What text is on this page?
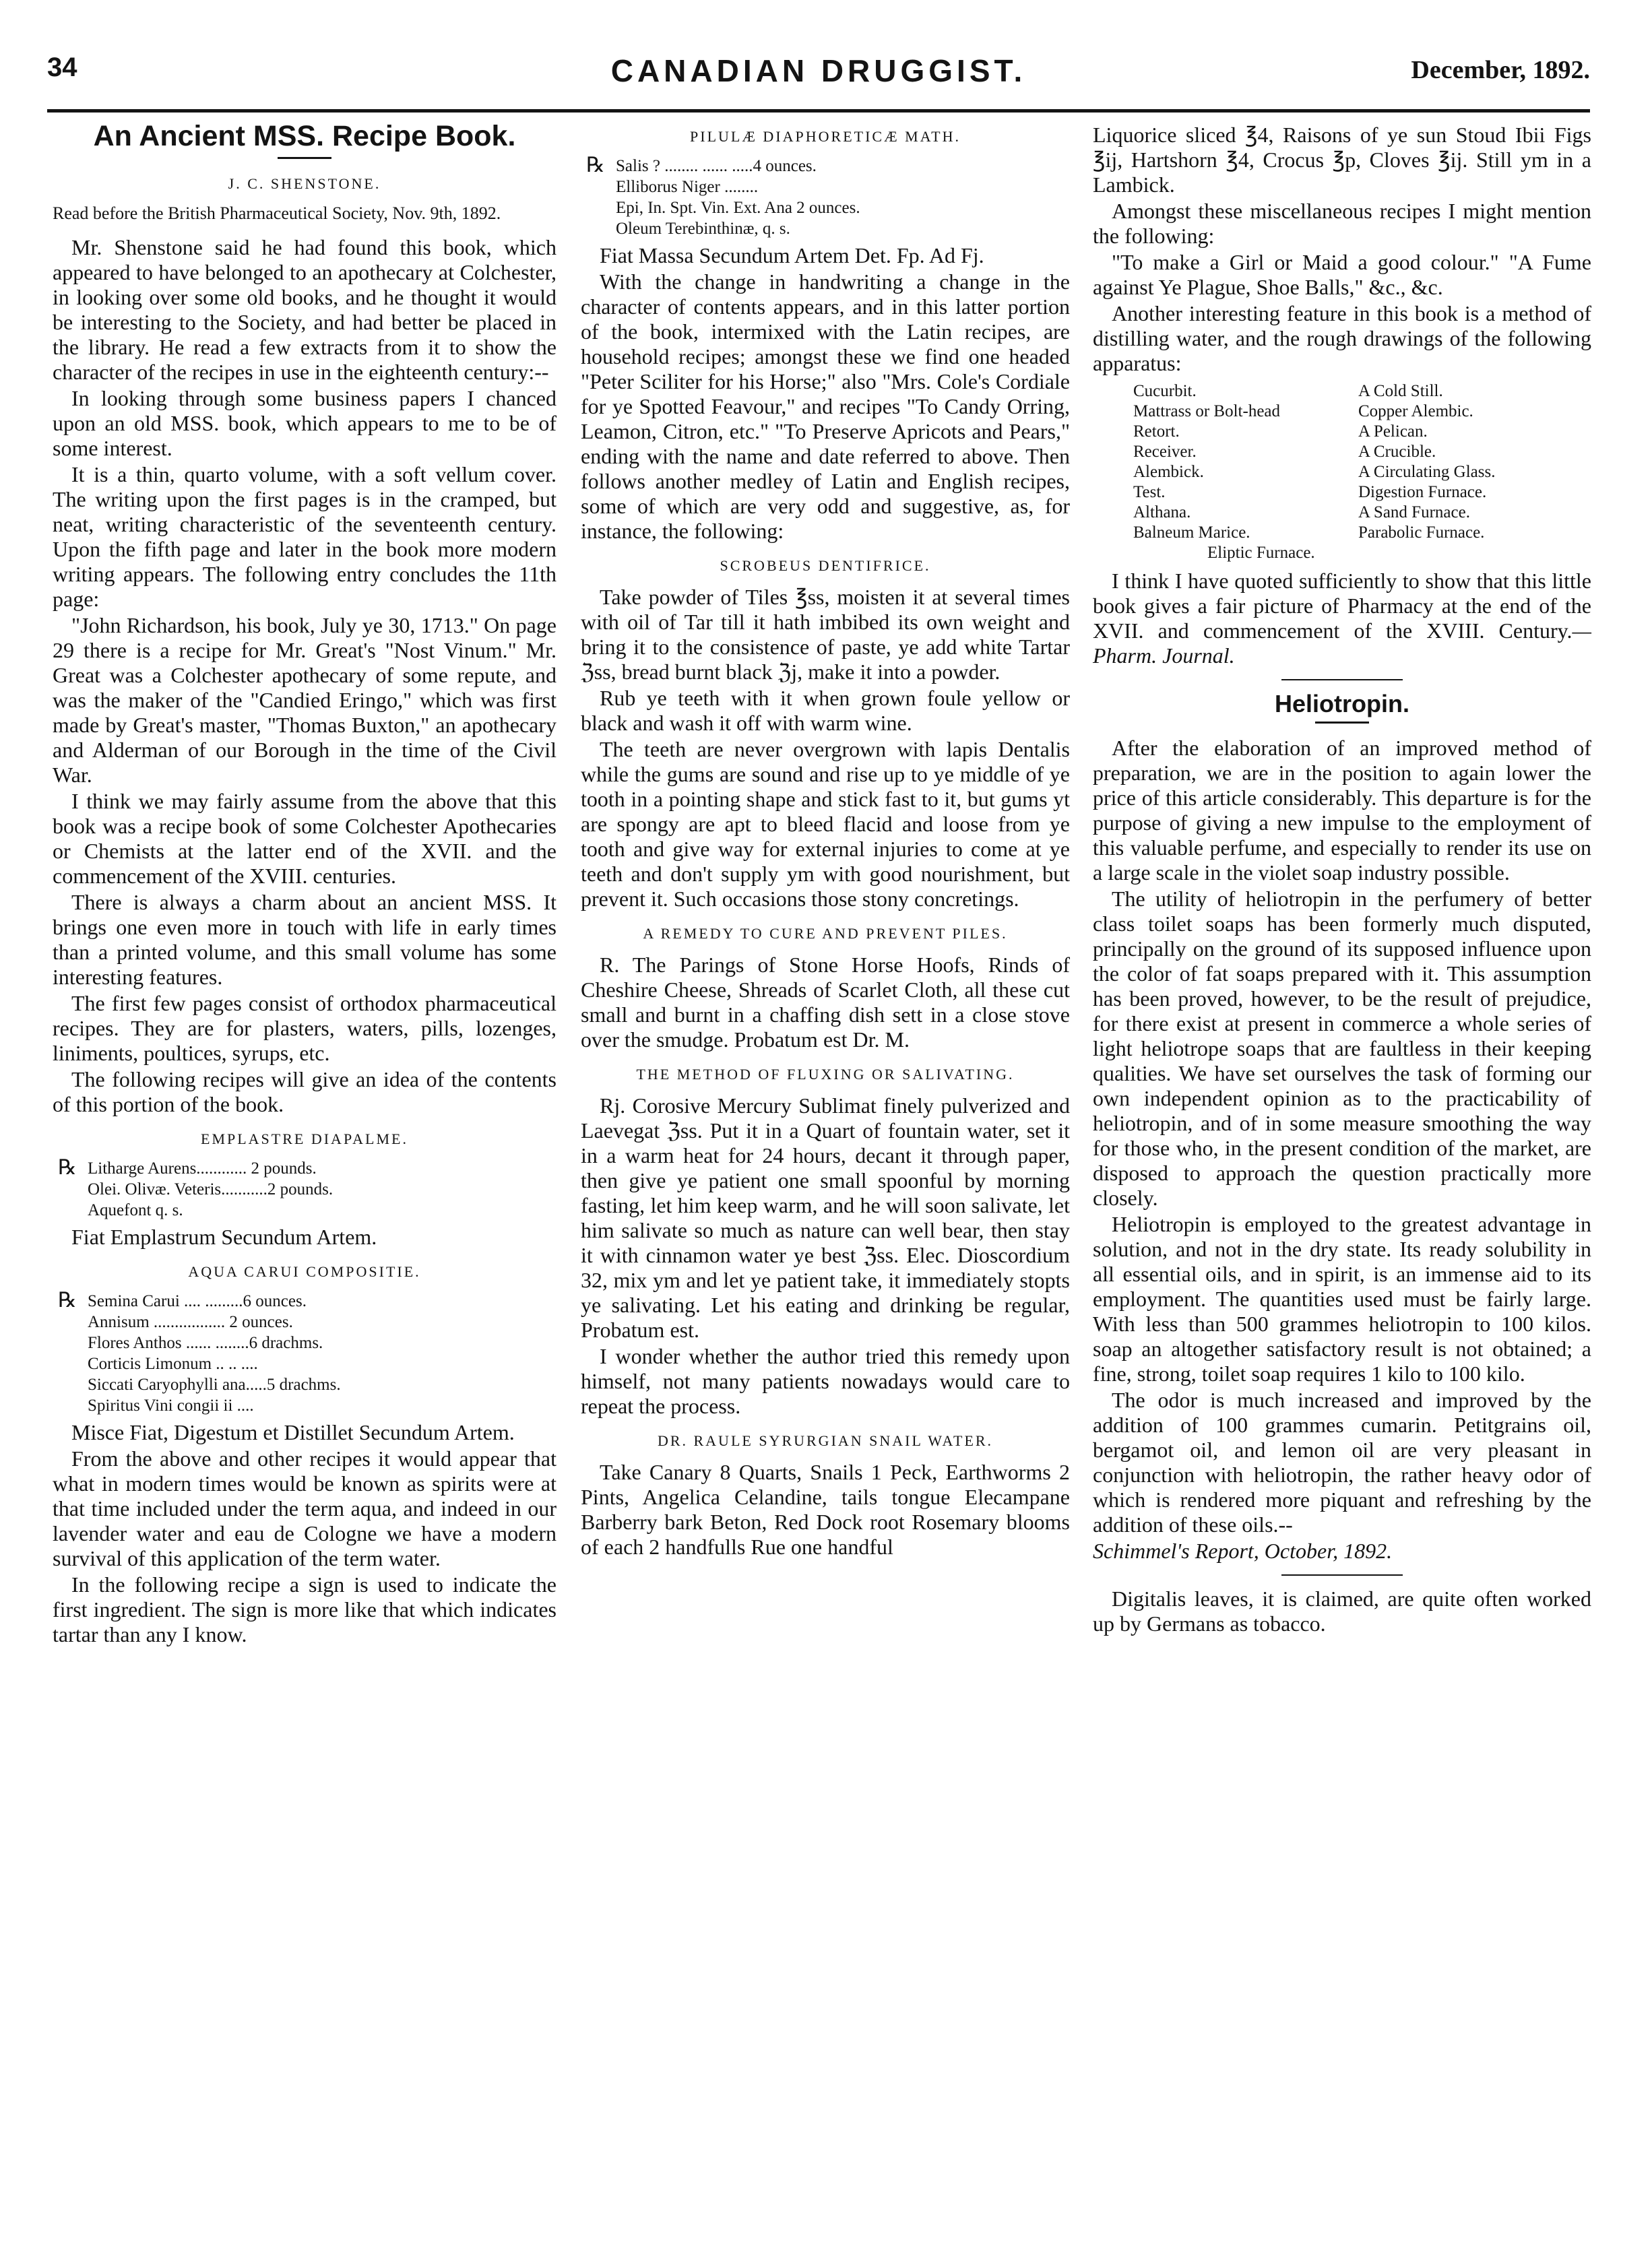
34	CANADIAN DRUGGIST.	December, 1892.
An Ancient MSS. Recipe Book.
J. C. SHENSTONE.
Read before the British Pharmaceutical Society, Nov. 9th, 1892.

Mr. Shenstone said he had found this book, which appeared to have belonged to an apothecary at Colchester, in looking over some old books, and he thought it would be interesting to the Society, and had better be placed in the library. He read a few extracts from it to show the character of the recipes in use in the eighteenth century:--

In looking through some business papers I chanced upon an old MSS. book, which appears to me to be of some interest.

It is a thin, quarto volume, with a soft vellum cover. The writing upon the first pages is in the cramped, but neat, writing characteristic of the seventeenth century. Upon the fifth page and later in the book more modern writing appears. The following entry concludes the 11th page:

"John Richardson, his book, July ye 30, 1713." On page 29 there is a recipe for Mr. Great's "Nost Vinum." Mr. Great was a Colchester apothecary of some repute, and was the maker of the "Candied Eringo," which was first made by Great's master, "Thomas Buxton," an apothecary and Alderman of our Borough in the time of the Civil War.

I think we may fairly assume from the above that this book was a recipe book of some Colchester Apothecaries or Chemists at the latter end of the XVII. and the commencement of the XVIII. centuries.

There is always a charm about an ancient MSS. It brings one even more in touch with life in early times than a printed volume, and this small volume has some interesting features.

The first few pages consist of orthodox pharmaceutical recipes. They are for plasters, waters, pills, lozenges, liniments, poultices, syrups, etc.

The following recipes will give an idea of the contents of this portion of the book.

EMPLASTRE DIAPALME.
℞ Litharge Aurens............ 2 pounds.
Olei. Olivæ. Veteris...........2 pounds.
Aquefont q. s.

Fiat Emplastrum Secundum Artem.

AQUA CARUI COMPOSITIE.
℞ Semina Carui .... .........6 ounces.
Annisum ................. 2 ounces.
Flores Anthos ...... ........6 drachms.
Corticis Limonum .. .. ....
Siccati Caryophylli ana.....5 drachms.
Spiritus Vini congii ii ....

Misce Fiat, Digestum et Distillet Secundum Artem.

From the above and other recipes it would appear that what in modern times would be known as spirits were at that time included under the term aqua, and indeed in our lavender water and eau de Cologne we have a modern survival of this application of the term water.

In the following recipe a sign is used to indicate the first ingredient. The sign is more like that which indicates tartar than any I know.

PILULÆ DIAPHORETICÆ MATH.
℞ Salis ? ........ ...... .....4 ounces.
Elliborus Niger ........
Epi, In. Spt. Vin. Ext. Ana 2 ounces.
Oleum Terebinthinæ, q. s.

Fiat Massa Secundum Artem Det. Fp. Ad Fj.

With the change in handwriting a change in the character of contents appears, and in this latter portion of the book, intermixed with the Latin recipes, are household recipes; amongst these we find one headed "Peter Sciliter for his Horse;" also "Mrs. Cole's Cordiale for ye Spotted Feavour," and recipes "To Candy Orring, Leamon, Citron, etc." "To Preserve Apricots and Pears," ending with the name and date referred to above. Then follows another medley of Latin and English recipes, some of which are very odd and suggestive, as, for instance, the following:

SCROBEUS DENTIFRICE.

Take powder of Tiles ℥ss, moisten it at several times with oil of Tar till it hath imbibed its own weight and bring it to the consistence of paste, ye add white Tartar ℨss, bread burnt black ℨj, make it into a powder.

Rub ye teeth with it when grown foule yellow or black and wash it off with warm wine.

The teeth are never overgrown with lapis Dentalis while the gums are sound and rise up to ye middle of ye tooth in a pointing shape and stick fast to it, but gums yt are spongy are apt to bleed flacid and loose from ye tooth and give way for external injuries to come at ye teeth and don't supply ym with good nourishment, but prevent it. Such occasions those stony concretings.

A REMEDY TO CURE AND PREVENT PILES.

R. The Parings of Stone Horse Hoofs, Rinds of Cheshire Cheese, Shreads of Scarlet Cloth, all these cut small and burnt in a chaffing dish sett in a close stove over the smudge. Probatum est Dr. M.

THE METHOD OF FLUXING OR SALIVATING.

Rj. Corosive Mercury Sublimat finely pulverized and Laevegat ℨss. Put it in a Quart of fountain water, set it in a warm heat for 24 hours, decant it through paper, then give ye patient one small spoonful by morning fasting, let him keep warm, and he will soon salivate, let him salivate so much as nature can well bear, then stay it with cinnamon water ye best ℨss. Elec. Dioscordium 32, mix ym and let ye patient take, it immediately stopts ye salivating. Let his eating and drinking be regular, Probatum est.

I wonder whether the author tried this remedy upon himself, not many patients nowadays would care to repeat the process.

DR. RAULE SYRURGIAN SNAIL WATER.

Take Canary 8 Quarts, Snails 1 Peck, Earthworms 2 Pints, Angelica Celandine, tails tongue Elecampane Barberry bark Beton, Red Dock root Rosemary blooms of each 2 handfulls Rue one handful

Liquorice sliced ℥4, Raisons of ye sun Stoud Ibii Figs ℥ij, Hartshorn ℥4, Crocus ℥p, Cloves ℥ij. Still ym in a Lambick.

Amongst these miscellaneous recipes I might mention the following:

"To make a Girl or Maid a good colour." "A Fume against Ye Plague, Shoe Balls," &c., &c.

Another interesting feature in this book is a method of distilling water, and the rough drawings of the following apparatus:

Cucurbit.	A Cold Still.
Mattrass or Bolt-head	Copper Alembic.
Retort.	A Pelican.
Receiver.	A Crucible.
Alembick.	A Circulating Glass.
Test.	Digestion Furnace.
Althana.	A Sand Furnace.
Balneum Marice.	Parabolic Furnace.
Eliptic Furnace.

I think I have quoted sufficiently to show that this little book gives a fair picture of Pharmacy at the end of the XVII. and commencement of the XVIII. Century.—Pharm. Journal.

Heliotropin.

After the elaboration of an improved method of preparation, we are in the position to again lower the price of this article considerably. This departure is for the purpose of giving a new impulse to the employment of this valuable perfume, and especially to render its use on a large scale in the violet soap industry possible.

The utility of heliotropin in the perfumery of better class toilet soaps has been formerly much disputed, principally on the ground of its supposed influence upon the color of fat soaps prepared with it. This assumption has been proved, however, to be the result of prejudice, for there exist at present in commerce a whole series of light heliotrope soaps that are faultless in their keeping qualities. We have set ourselves the task of forming our own independent opinion as to the practicability of heliotropin, and of in some measure smoothing the way for those who, in the present condition of the market, are disposed to approach the question practically more closely.

Heliotropin is employed to the greatest advantage in solution, and not in the dry state. Its ready solubility in all essential oils, and in spirit, is an immense aid to its employment. The quantities used must be fairly large. With less than 500 grammes heliotropin to 100 kilos. soap an altogether satisfactory result is not obtained; a fine, strong, toilet soap requires 1 kilo to 100 kilo.

The odor is much increased and improved by the addition of 100 grammes cumarin. Petitgrains oil, bergamot oil, and lemon oil are very pleasant in conjunction with heliotropin, the rather heavy odor of which is rendered more piquant and refreshing by the addition of these oils.--

Schimmel's Report, October, 1892.

Digitalis leaves, it is claimed, are quite often worked up by Germans as tobacco.
